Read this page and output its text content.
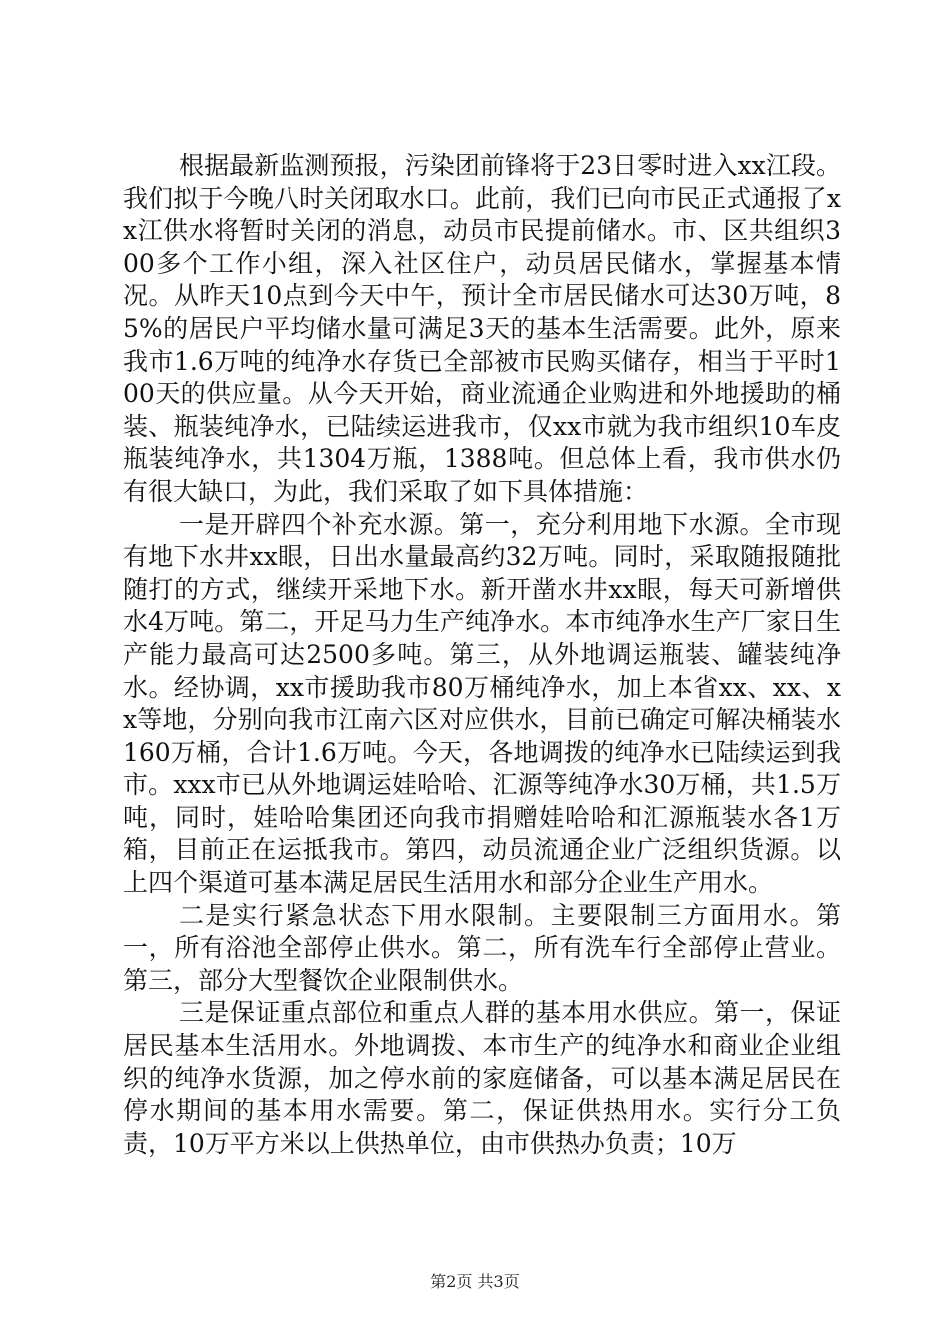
根据最新监测预报，污染团前锋将于23日零时进入xx江段。我们拟于今晚八时关闭取水口。此前，我们已向市民正式通报了xx江供水将暂时关闭的消息，动员市民提前储水。市、区共组织300多个工作小组，深入社区住户，动员居民储水，掌握基本情况。从昨天10点到今天中午，预计全市居民储水可达30万吨，85%的居民户平均储水量可满足3天的基本生活需要。此外，原来我市1.6万吨的纯净水存货已全部被市民购买储存，相当于平时100天的供应量。从今天开始，商业流通企业购进和外地援助的桶装、瓶装纯净水，已陆续运进我市，仅xx市就为我市组织10车皮瓶装纯净水，共1304万瓶，1388吨。但总体上看，我市供水仍有很大缺口，为此，我们采取了如下具体措施：

一是开辟四个补充水源。第一，充分利用地下水源。全市现有地下水井xx眼，日出水量最高约32万吨。同时，采取随报随批随打的方式，继续开采地下水。新开凿水井xx眼，每天可新增供水4万吨。第二，开足马力生产纯净水。本市纯净水生产厂家日生产能力最高可达2500多吨。第三，从外地调运瓶装、罐装纯净水。经协调，xx市援助我市80万桶纯净水，加上本省xx、xx、xx等地，分别向我市江南六区对应供水，目前已确定可解决桶装水160万桶，合计1.6万吨。今天，各地调拨的纯净水已陆续运到我市。xxx市已从外地调运娃哈哈、汇源等纯净水30万桶，共1.5万吨，同时，娃哈哈集团还向我市捐赠娃哈哈和汇源瓶装水各1万箱，目前正在运抵我市。第四，动员流通企业广泛组织货源。以上四个渠道可基本满足居民生活用水和部分企业生产用水。

二是实行紧急状态下用水限制。主要限制三方面用水。第一，所有浴池全部停止供水。第二，所有洗车行全部停止营业。第三，部分大型餐饮企业限制供水。

三是保证重点部位和重点人群的基本用水供应。第一，保证居民基本生活用水。外地调拨、本市生产的纯净水和商业企业组织的纯净水货源，加之停水前的家庭储备，可以基本满足居民在停水期间的基本用水需要。第二，保证供热用水。实行分工负责，10万平方米以上供热单位，由市供热办负责；10万

第2页 共3页
